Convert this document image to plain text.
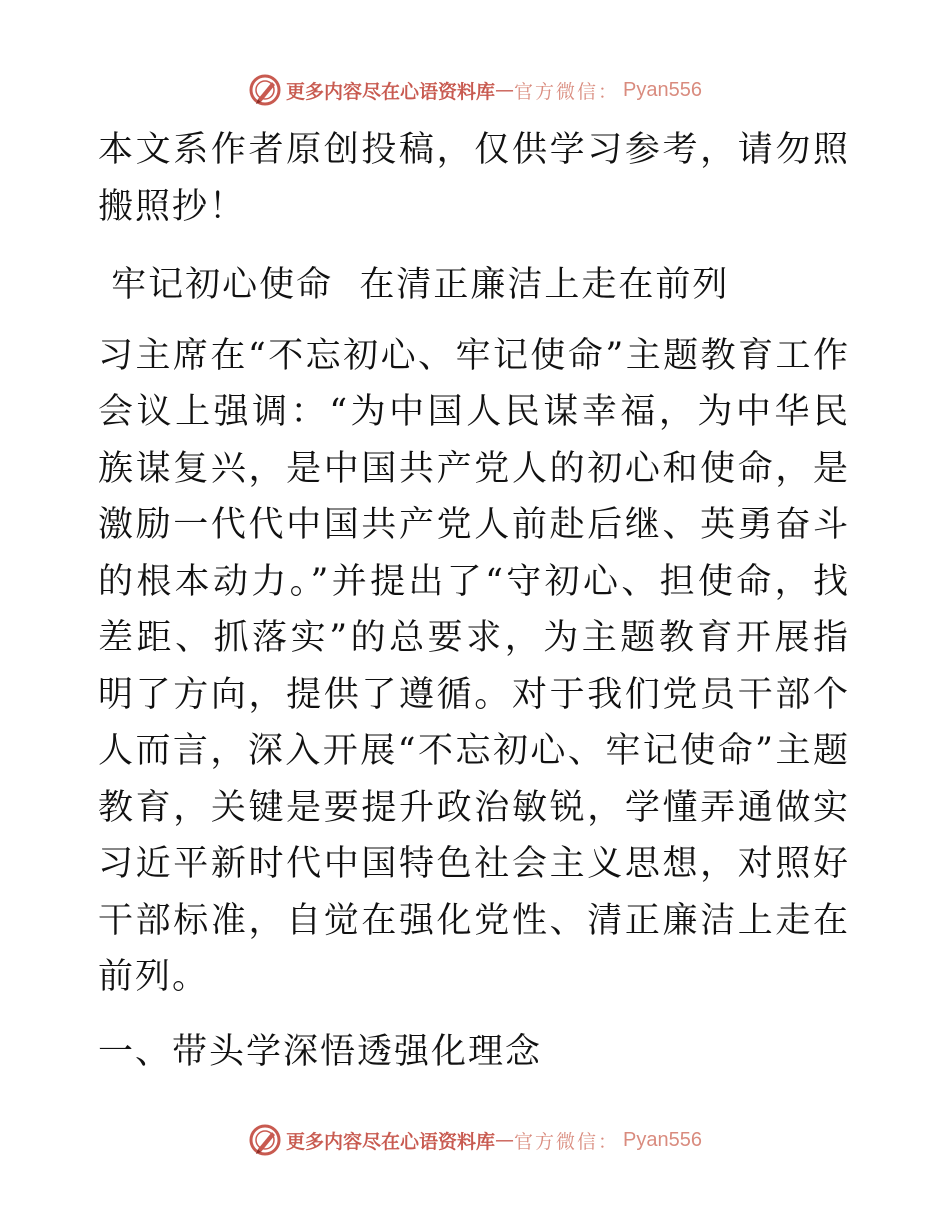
更多内容尽在心语资料库 — 官方微信： Pyan556

本文系作者原创投稿，仅供学习参考，请勿照搬照抄！

牢记初心使命  在清正廉洁上走在前列

习主席在“不忘初心、牢记使命”主题教育工作会议上强调：“为中国人民谋幸福，为中华民族谋复兴，是中国共产党人的初心和使命，是激励一代代中国共产党人前赴后继、英勇奋斗的根本动力。”并提出了“守初心、担使命，找差距、抓落实”的总要求，为主题教育开展指明了方向，提供了遵循。对于我们党员干部个人而言，深入开展“不忘初心、牢记使命”主题教育，关键是要提升政治敏锐，学懂弄通做实习近平新时代中国特色社会主义思想，对照好干部标准，自觉在强化党性、清正廉洁上走在前列。

一、带头学深悟透强化理念

更多内容尽在心语资料库 — 官方微信： Pyan556
